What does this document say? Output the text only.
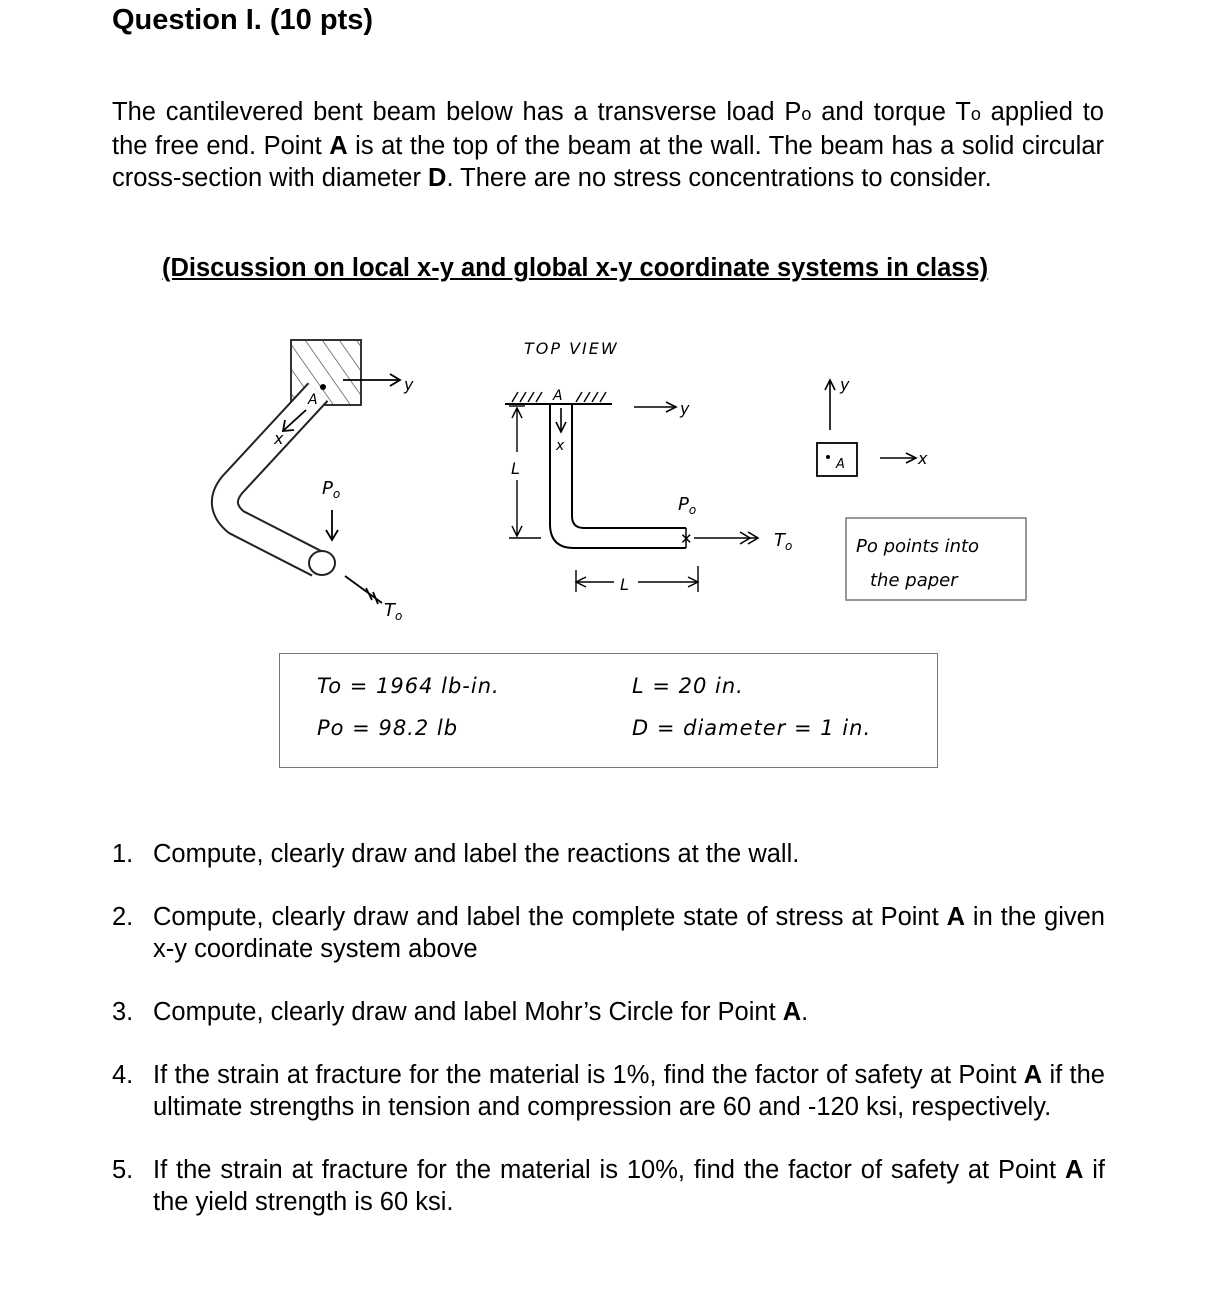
Question I. (10 pts)
The cantilevered bent beam below has a transverse load Po and torque To applied to the free end. Point A is at the top of the beam at the wall. The beam has a solid circular cross-section with diameter D. There are no stress concentrations to consider.
(Discussion on local x-y and global x-y coordinate systems in class)
A
y
x
$P_o$
$T_o$
TOP VIEW
A
x
y
L
L
$P_o$
✕	$T_o$
y
A	x
Po points into
the paper
To = 1964 lb-in.
Po = 98.2 lb
L = 20 in.
D = diameter = 1 in.
1. Compute, clearly draw and label the reactions at the wall.
2. Compute, clearly draw and label the complete state of stress at Point A in the given x-y coordinate system above
3. Compute, clearly draw and label Mohr’s Circle for Point A.
4. If the strain at fracture for the material is 1%, find the factor of safety at Point A if the ultimate strengths in tension and compression are 60 and -120 ksi, respectively.
5. If the strain at fracture for the material is 10%, find the factor of safety at Point A if the yield strength is 60 ksi.
